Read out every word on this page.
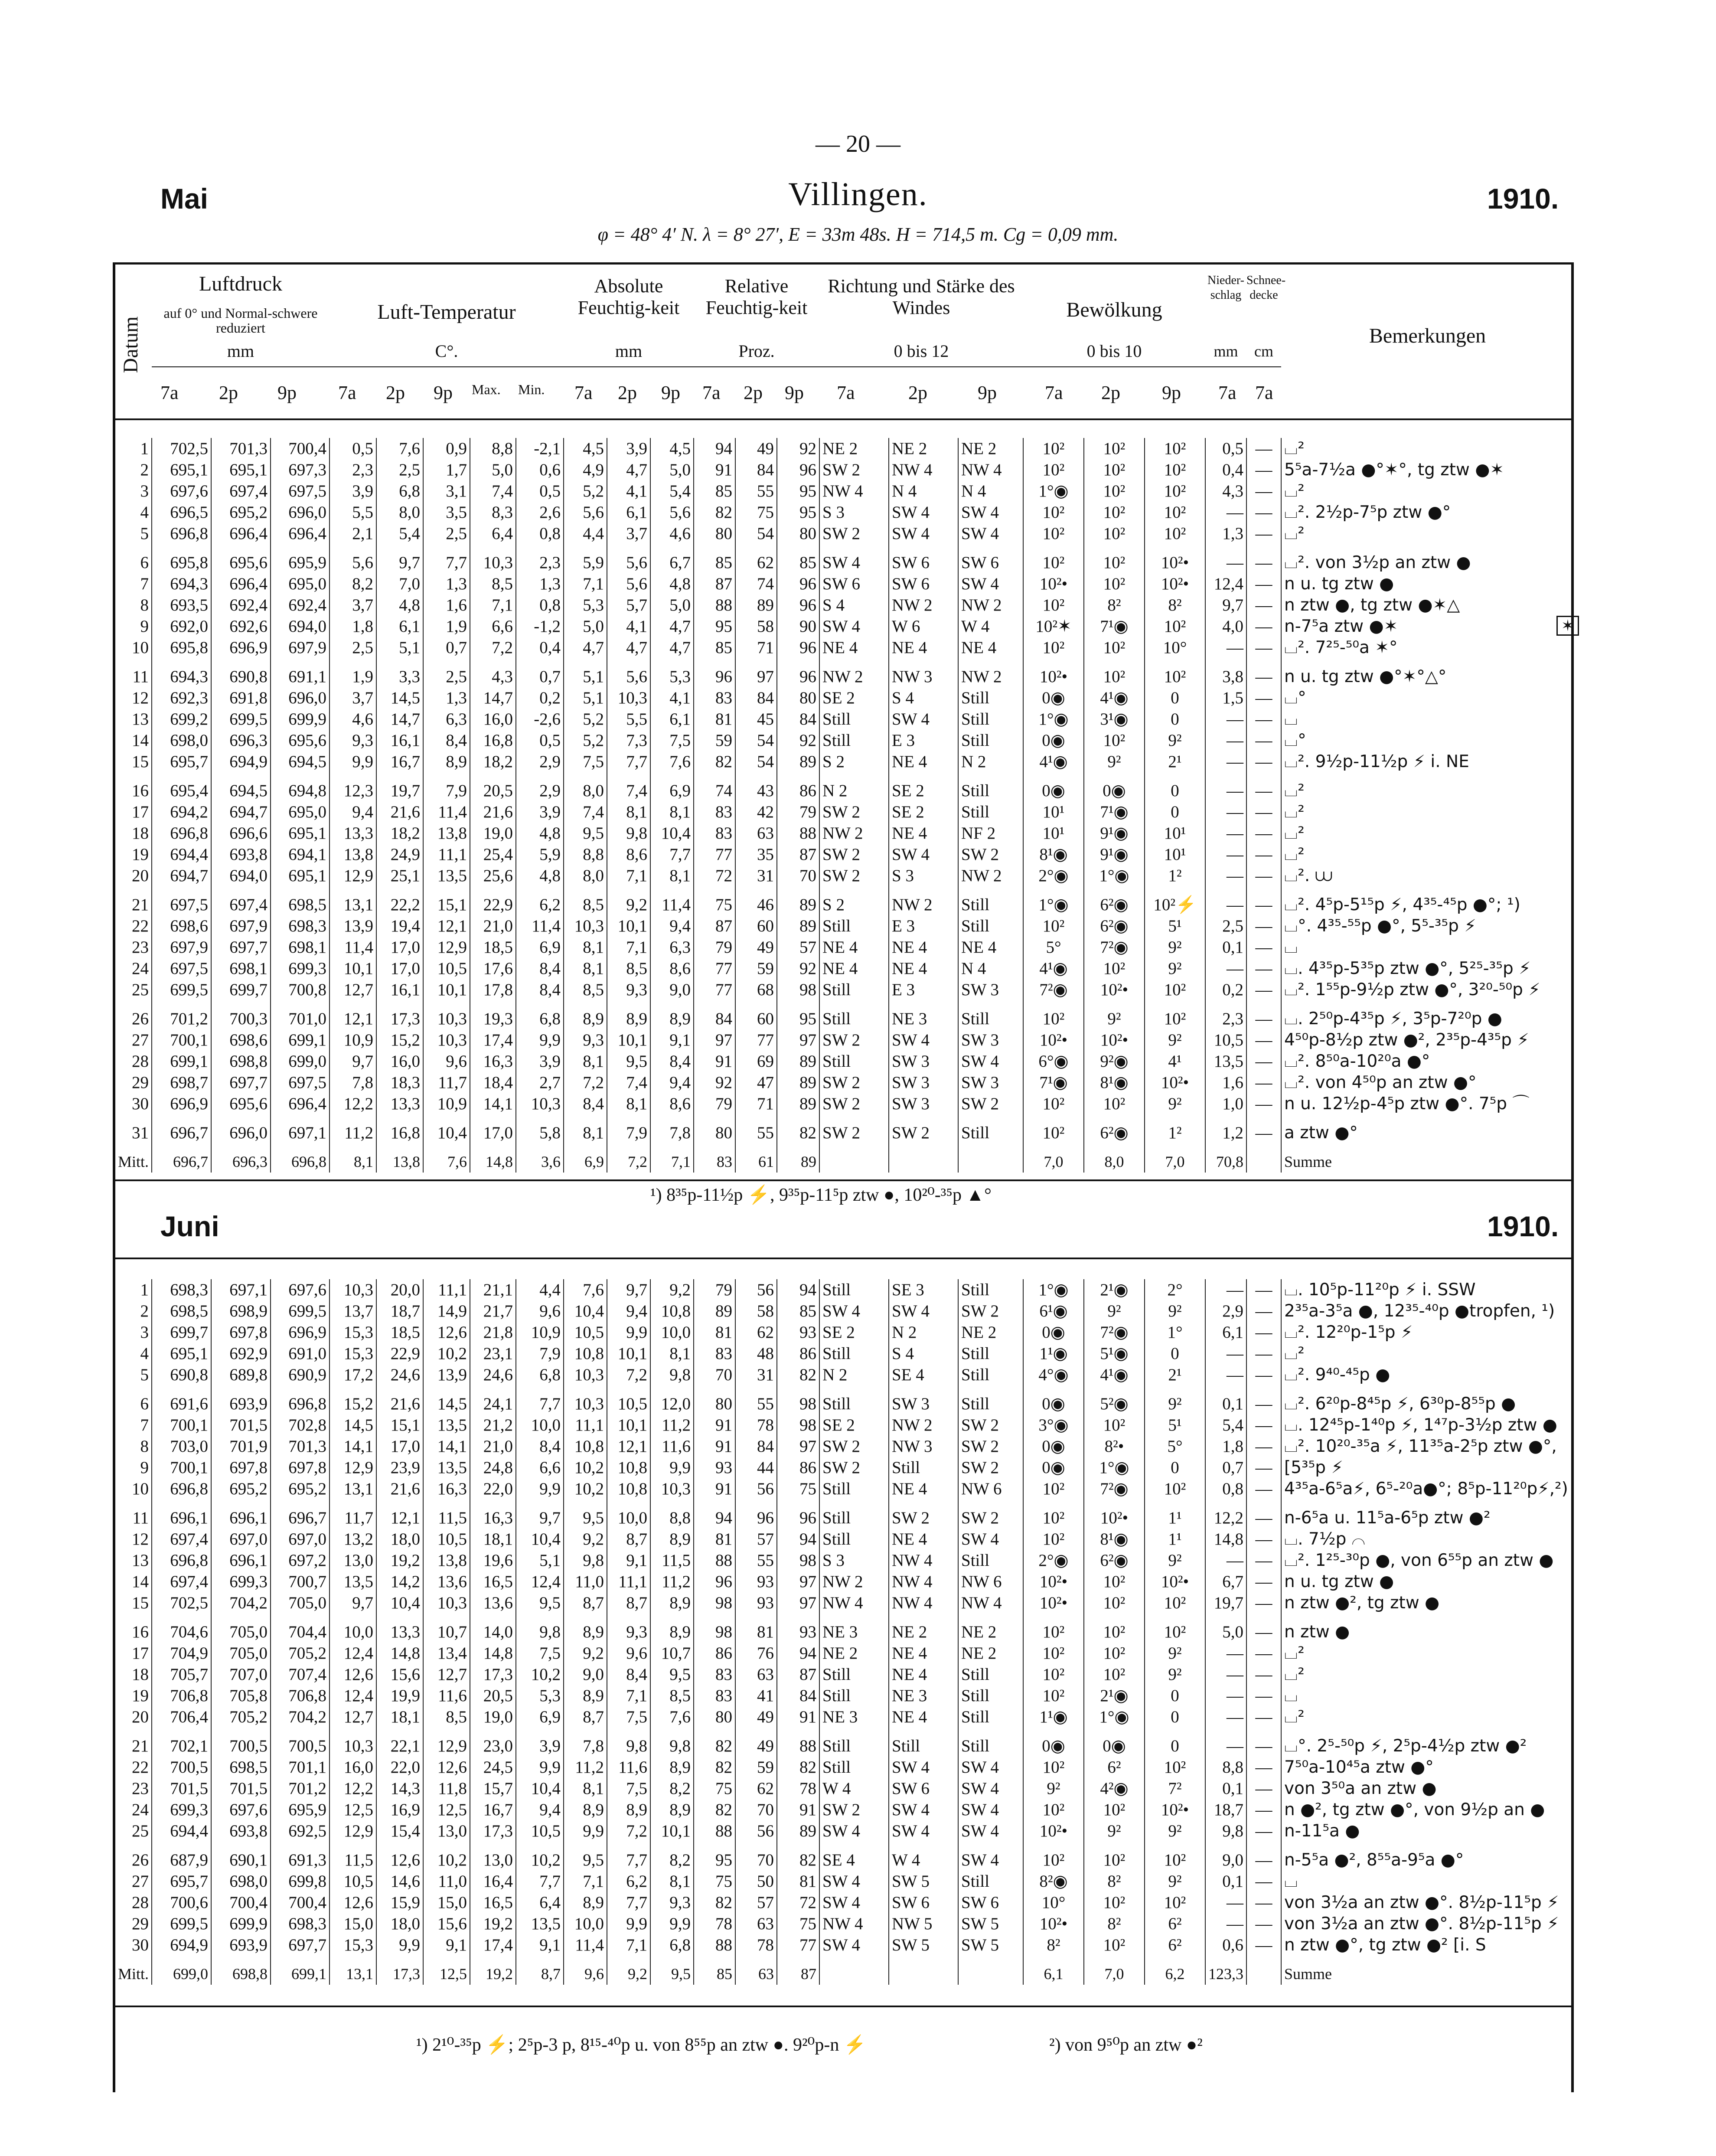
— 20 —
Mai	Villingen.	1910.
φ = 48° 4′ N. λ = 8° 27′, E = 33m 48s. H = 714,5 m. Cg = 0,09 mm.
Datum
Luftdruck
auf 0° und Normal-schwere reduziert
mm
Luft-Temperatur
C°.
Absolute Feuchtig-keit
mm
Relative Feuchtig-keit
Proz.
Richtung und Stärke des Windes
0 bis 12
Bewölkung
0 bis 10
Nieder-schlag
mm
Schnee-decke
cm
Bemerkungen
7a 2p 9p 7a 2p 9p Max. Min. 7a 2p 9p 7a 2p 9p 7a	2p	9p	7a 2p 9p 7a 7a
1	702,5	701,3	700,4	0,5	7,6	0,9	8,8	-2,1	4,5	3,9	4,5	94	49	92	NE 2	NE 2	NE 2	10²	10²	10²	0,5	—	⌴²
2	695,1	695,1	697,3	2,3	2,5	1,7	5,0	0,6	4,9	4,7	5,0	91	84	96	SW 2	NW 4	NW 4	10²	10²	10²	0,4	—	5⁵a-7½a ●°✶°, tg ztw ●✶
3	697,6	697,4	697,5	3,9	6,8	3,1	7,4	0,5	5,2	4,1	5,4	85	55	95	NW 4	N 4	N 4	1°◉	10²	10²	4,3	—	⌴²
4	696,5	695,2	696,0	5,5	8,0	3,5	8,3	2,6	5,6	6,1	5,6	82	75	95	S 3	SW 4	SW 4	10²	10²	10²	—	—	⌴². 2½p-7⁵p ztw ●°
5	696,8	696,4	696,4	2,1	5,4	2,5	6,4	0,8	4,4	3,7	4,6	80	54	80	SW 2	SW 4	SW 4	10²	10²	10²	1,3	—	⌴²

6	695,8	695,6	695,9	5,6	9,7	7,7	10,3	2,3	5,9	5,6	6,7	85	62	85	SW 4	SW 6	SW 6	10²	10²	10²•	—	—	⌴². von 3½p an ztw ●
7	694,3	696,4	695,0	8,2	7,0	1,3	8,5	1,3	7,1	5,6	4,8	87	74	96	SW 6	SW 6	SW 4	10²•	10²	10²•	12,4	—	n u. tg ztw ●
8	693,5	692,4	692,4	3,7	4,8	1,6	7,1	0,8	5,3	5,7	5,0	88	89	96	S 4	NW 2	NW 2	10²	8²	8²	9,7	—	n ztw ●, tg ztw ●✶△
9	692,0	692,6	694,0	1,8	6,1	1,9	6,6	-1,2	5,0	4,1	4,7	95	58	90	SW 4	W 6	W 4	10²✶	7¹◉	10²	4,0	—	n-7⁵a ztw ●✶
10	695,8	696,9	697,9	2,5	5,1	0,7	7,2	0,4	4,7	4,7	4,7	85	71	96	NE 4	NE 4	NE 4	10²	10²	10°	—	—	⌴². 7²⁵-⁵⁰a ✶°

11	694,3	690,8	691,1	1,9	3,3	2,5	4,3	0,7	5,1	5,6	5,3	96	97	96	NW 2	NW 3	NW 2	10²•	10²	10²	3,8	—	n u. tg ztw ●°✶°△°
12	692,3	691,8	696,0	3,7	14,5	1,3	14,7	0,2	5,1	10,3	4,1	83	84	80	SE 2	S 4	Still	0◉	4¹◉	0	1,5	—	⌴°
13	699,2	699,5	699,9	4,6	14,7	6,3	16,0	-2,6	5,2	5,5	6,1	81	45	84	Still	SW 4	Still	1°◉	3¹◉	0	—	—	⌴
14	698,0	696,3	695,6	9,3	16,1	8,4	16,8	0,5	5,2	7,3	7,5	59	54	92	Still	E 3	Still	0◉	10²	9²	—	—	⌴°
15	695,7	694,9	694,5	9,9	16,7	8,9	18,2	2,9	7,5	7,7	7,6	82	54	89	S 2	NE 4	N 2	4¹◉	9²	2¹	—	—	⌴². 9½p-11½p ⚡ i. NE

16	695,4	694,5	694,8	12,3	19,7	7,9	20,5	2,9	8,0	7,4	6,9	74	43	86	N 2	SE 2	Still	0◉	0◉	0	—	—	⌴²
17	694,2	694,7	695,0	9,4	21,6	11,4	21,6	3,9	7,4	8,1	8,1	83	42	79	SW 2	SE 2	Still	10¹	7¹◉	0	—	—	⌴²
18	696,8	696,6	695,1	13,3	18,2	13,8	19,0	4,8	9,5	9,8	10,4	83	63	88	NW 2	NE 4	NF 2	10¹	9¹◉	10¹	—	—	⌴²
19	694,4	693,8	694,1	13,8	24,9	11,1	25,4	5,9	8,8	8,6	7,7	77	35	87	SW 2	SW 4	SW 2	8¹◉	9¹◉	10¹	—	—	⌴²
20	694,7	694,0	695,1	12,9	25,1	13,5	25,6	4,8	8,0	7,1	8,1	72	31	70	SW 2	S 3	NW 2	2°◉	1°◉	1²	—	—	⌴². ⩊

21	697,5	697,4	698,5	13,1	22,2	15,1	22,9	6,2	8,5	9,2	11,4	75	46	89	S 2	NW 2	Still	1°◉	6²◉	10²⚡	—	—	⌴². 4⁵p-5¹⁵p ⚡, 4³⁵-⁴⁵p ●°; ¹)
22	698,6	697,9	698,3	13,9	19,4	12,1	21,0	11,4	10,3	10,1	9,4	87	60	89	Still	E 3	Still	10²	6²◉	5¹	2,5	—	⌴°. 4³⁵-⁵⁵p ●°, 5⁵-³⁵p ⚡
23	697,9	697,7	698,1	11,4	17,0	12,9	18,5	6,9	8,1	7,1	6,3	79	49	57	NE 4	NE 4	NE 4	5°	7²◉	9²	0,1	—	⌴
24	697,5	698,1	699,3	10,1	17,0	10,5	17,6	8,4	8,1	8,5	8,6	77	59	92	NE 4	NE 4	N 4	4¹◉	10²	9²	—	—	⌴. 4³⁵p-5³⁵p ztw ●°, 5²⁵-³⁵p ⚡
25	699,5	699,7	700,8	12,7	16,1	10,1	17,8	8,4	8,5	9,3	9,0	77	68	98	Still	E 3	SW 3	7²◉	10²•	10²	0,2	—	⌴². 1⁵⁵p-9½p ztw ●°, 3²⁰-⁵⁰p ⚡

26	701,2	700,3	701,0	12,1	17,3	10,3	19,3	6,8	8,9	8,9	8,9	84	60	95	Still	NE 3	Still	10²	9²	10²	2,3	—	⌴. 2⁵⁰p-4³⁵p ⚡, 3⁵p-7²⁰p ●
27	700,1	698,6	699,1	10,9	15,2	10,3	17,4	9,9	9,3	10,1	9,1	97	77	97	SW 2	SW 4	SW 3	10²•	10²•	9²	10,5	—	4⁵⁰p-8½p ztw ●², 2³⁵p-4³⁵p ⚡
28	699,1	698,8	699,0	9,7	16,0	9,6	16,3	3,9	8,1	9,5	8,4	91	69	89	Still	SW 3	SW 4	6°◉	9²◉	4¹	13,5	—	⌴². 8⁵⁰a-10²⁰a ●°
29	698,7	697,7	697,5	7,8	18,3	11,7	18,4	2,7	7,2	7,4	9,4	92	47	89	SW 2	SW 3	SW 3	7¹◉	8¹◉	10²•	1,6	—	⌴². von 4⁵⁰p an ztw ●°
30	696,9	695,6	696,4	12,2	13,3	10,9	14,1	10,3	8,4	8,1	8,6	79	71	89	SW 2	SW 3	SW 2	10²	10²	9²	1,0	—	n u. 12½p-4⁵p ztw ●°. 7⁵p ⌒

31	696,7	696,0	697,1	11,2	16,8	10,4	17,0	5,8	8,1	7,9	7,8	80	55	82	SW 2	SW 2	Still	10²	6²◉	1²	1,2	—	a ztw ●°

Mitt.	696,7	696,3	696,8	8,1	13,8	7,6	14,8	3,6	6,9	7,2	7,1	83	61	89				7,0	8,0	7,0	70,8		Summe
¹) 8³⁵p-11½p ⚡, 9³⁵p-11⁵p ztw ●, 10²⁰-³⁵p ▲°
✶
Juni	1910.
1	698,3	697,1	697,6	10,3	20,0	11,1	21,1	4,4	7,6	9,7	9,2	79	56	94	Still	SE 3	Still	1°◉	2¹◉	2°	—	—	⌴. 10⁵p-11²⁰p ⚡ i. SSW
2	698,5	698,9	699,5	13,7	18,7	14,9	21,7	9,6	10,4	9,4	10,8	89	58	85	SW 4	SW 4	SW 2	6¹◉	9²	9²	2,9	—	2³⁵a-3⁵a ●, 12³⁵-⁴⁰p ●tropfen, ¹)
3	699,7	697,8	696,9	15,3	18,5	12,6	21,8	10,9	10,5	9,9	10,0	81	62	93	SE 2	N 2	NE 2	0◉	7²◉	1°	6,1	—	⌴². 12²⁰p-1⁵p ⚡
4	695,1	692,9	691,0	15,3	22,9	10,2	23,1	7,9	10,8	10,1	8,1	83	48	86	Still	S 4	Still	1¹◉	5¹◉	0	—	—	⌴²
5	690,8	689,8	690,9	17,2	24,6	13,9	24,6	6,8	10,3	7,2	9,8	70	31	82	N 2	SE 4	Still	4°◉	4¹◉	2¹	—	—	⌴². 9⁴⁰-⁴⁵p ●

6	691,6	693,9	696,8	15,2	21,6	14,5	24,1	7,7	10,3	10,5	12,0	80	55	98	Still	SW 3	Still	0◉	5²◉	9²	0,1	—	⌴². 6²⁰p-8⁴⁵p ⚡, 6³⁰p-8⁵⁵p ●
7	700,1	701,5	702,8	14,5	15,1	13,5	21,2	10,0	11,1	10,1	11,2	91	78	98	SE 2	NW 2	SW 2	3°◉	10²	5¹	5,4	—	⌴. 12⁴⁵p-1⁴⁰p ⚡, 1⁴⁷p-3½p ztw ●
8	703,0	701,9	701,3	14,1	17,0	14,1	21,0	8,4	10,8	12,1	11,6	91	84	97	SW 2	NW 3	SW 2	0◉	8²•	5°	1,8	—	⌴². 10²⁰-³⁵a ⚡, 11³⁵a-2⁵p ztw ●°,
9	700,1	697,8	697,8	12,9	23,9	13,5	24,8	6,6	10,2	10,8	9,9	93	44	86	SW 2	Still	SW 2	0◉	1°◉	0	0,7	—	[5³⁵p ⚡
10	696,8	695,2	695,2	13,1	21,6	16,3	22,0	9,9	10,2	10,8	10,3	91	56	75	Still	NE 4	NW 6	10²	7²◉	10²	0,8	—	4³⁵a-6⁵a⚡, 6⁵-²⁰a●°; 8⁵p-11²⁰p⚡,²)

11	696,1	696,1	696,7	11,7	12,1	11,5	16,3	9,7	9,5	10,0	8,8	94	96	96	Still	SW 2	SW 2	10²	10²•	1¹	12,2	—	n-6⁵a u. 11⁵a-6⁵p ztw ●²
12	697,4	697,0	697,0	13,2	18,0	10,5	18,1	10,4	9,2	8,7	8,9	81	57	94	Still	NE 4	SW 4	10²	8¹◉	1¹	14,8	—	⌴. 7½p ⌒
13	696,8	696,1	697,2	13,0	19,2	13,8	19,6	5,1	9,8	9,1	11,5	88	55	98	S 3	NW 4	Still	2°◉	6²◉	9²	—	—	⌴². 1²⁵-³⁰p ●, von 6⁵⁵p an ztw ●
14	697,4	699,3	700,7	13,5	14,2	13,6	16,5	12,4	11,0	11,1	11,2	96	93	97	NW 2	NW 4	NW 6	10²•	10²	10²•	6,7	—	n u. tg ztw ●
15	702,5	704,2	705,0	9,7	10,4	10,3	13,6	9,5	8,7	8,7	8,9	98	93	97	NW 4	NW 4	NW 4	10²•	10²	10²	19,7	—	n ztw ●², tg ztw ●

16	704,6	705,0	704,4	10,0	13,3	10,7	14,0	9,8	8,9	9,3	8,9	98	81	93	NE 3	NE 2	NE 2	10²	10²	10²	5,0	—	n ztw ●
17	704,9	705,0	705,2	12,4	14,8	13,4	14,8	7,5	9,2	9,6	10,7	86	76	94	NE 2	NE 4	NE 2	10²	10²	9²	—	—	⌴²
18	705,7	707,0	707,4	12,6	15,6	12,7	17,3	10,2	9,0	8,4	9,5	83	63	87	Still	NE 4	Still	10²	10²	9²	—	—	⌴²
19	706,8	705,8	706,8	12,4	19,9	11,6	20,5	5,3	8,9	7,1	8,5	83	41	84	Still	NE 3	Still	10²	2¹◉	0	—	—	⌴
20	706,4	705,2	704,2	12,7	18,1	8,5	19,0	6,9	8,7	7,5	7,6	80	49	91	NE 3	NE 4	Still	1¹◉	1°◉	0	—	—	⌴²

21	702,1	700,5	700,5	10,3	22,1	12,9	23,0	3,9	7,8	9,8	9,8	82	49	88	Still	Still	Still	0◉	0◉	0	—	—	⌴°. 2⁵-⁵⁰p ⚡, 2⁵p-4½p ztw ●²
22	700,5	698,5	701,1	16,0	22,0	12,6	24,5	9,9	11,2	11,6	8,9	82	59	82	Still	SW 4	SW 4	10²	6²	10²	8,8	—	7⁵⁰a-10⁴⁵a ztw ●°
23	701,5	701,5	701,2	12,2	14,3	11,8	15,7	10,4	8,1	7,5	8,2	75	62	78	W 4	SW 6	SW 4	9²	4²◉	7²	0,1	—	von 3⁵⁰a an ztw ●
24	699,3	697,6	695,9	12,5	16,9	12,5	16,7	9,4	8,9	8,9	8,9	82	70	91	SW 2	SW 4	SW 4	10²	10²	10²•	18,7	—	n ●², tg ztw ●°, von 9½p an ●
25	694,4	693,8	692,5	12,9	15,4	13,0	17,3	10,5	9,9	7,2	10,1	88	56	89	SW 4	SW 4	SW 4	10²•	9²	9²	9,8	—	n-11⁵a ●

26	687,9	690,1	691,3	11,5	12,6	10,2	13,0	10,2	9,5	7,7	8,2	95	70	82	SE 4	W 4	SW 4	10²	10²	10²	9,0	—	n-5⁵a ●², 8⁵⁵a-9⁵a ●°
27	695,7	698,0	699,8	10,5	14,6	11,0	16,4	7,7	7,1	6,2	8,1	75	50	81	SW 4	SW 5	Still	8²◉	8²	9²	0,1	—	⌴
28	700,6	700,4	700,4	12,6	15,9	15,0	16,5	6,4	8,9	7,7	9,3	82	57	72	SW 4	SW 6	SW 6	10°	10²	10²	—	—	von 3½a an ztw ●°. 8½p-11⁵p ⚡
29	699,5	699,9	698,3	15,0	18,0	15,6	19,2	13,5	10,0	9,9	9,9	78	63	75	NW 4	NW 5	SW 5	10²•	8²	6²	—	—	von 3½a an ztw ●°. 8½p-11⁵p ⚡
30	694,9	693,9	697,7	15,3	9,9	9,1	17,4	9,1	11,4	7,1	6,8	88	78	77	SW 4	SW 5	SW 5	8²	10²	6²	0,6	—	n ztw ●°, tg ztw ●² [i. S

Mitt.	699,0	698,8	699,1	13,1	17,3	12,5	19,2	8,7	9,6	9,2	9,5	85	63	87				6,1	7,0	6,2	123,3		Summe
¹) 2¹⁰-³⁵p ⚡; 2⁵p-3 p, 8¹⁵-⁴⁰p u. von 8⁵⁵p an ztw ●. 9²⁰p-n ⚡	²) von 9⁵⁰p an ztw ●²
